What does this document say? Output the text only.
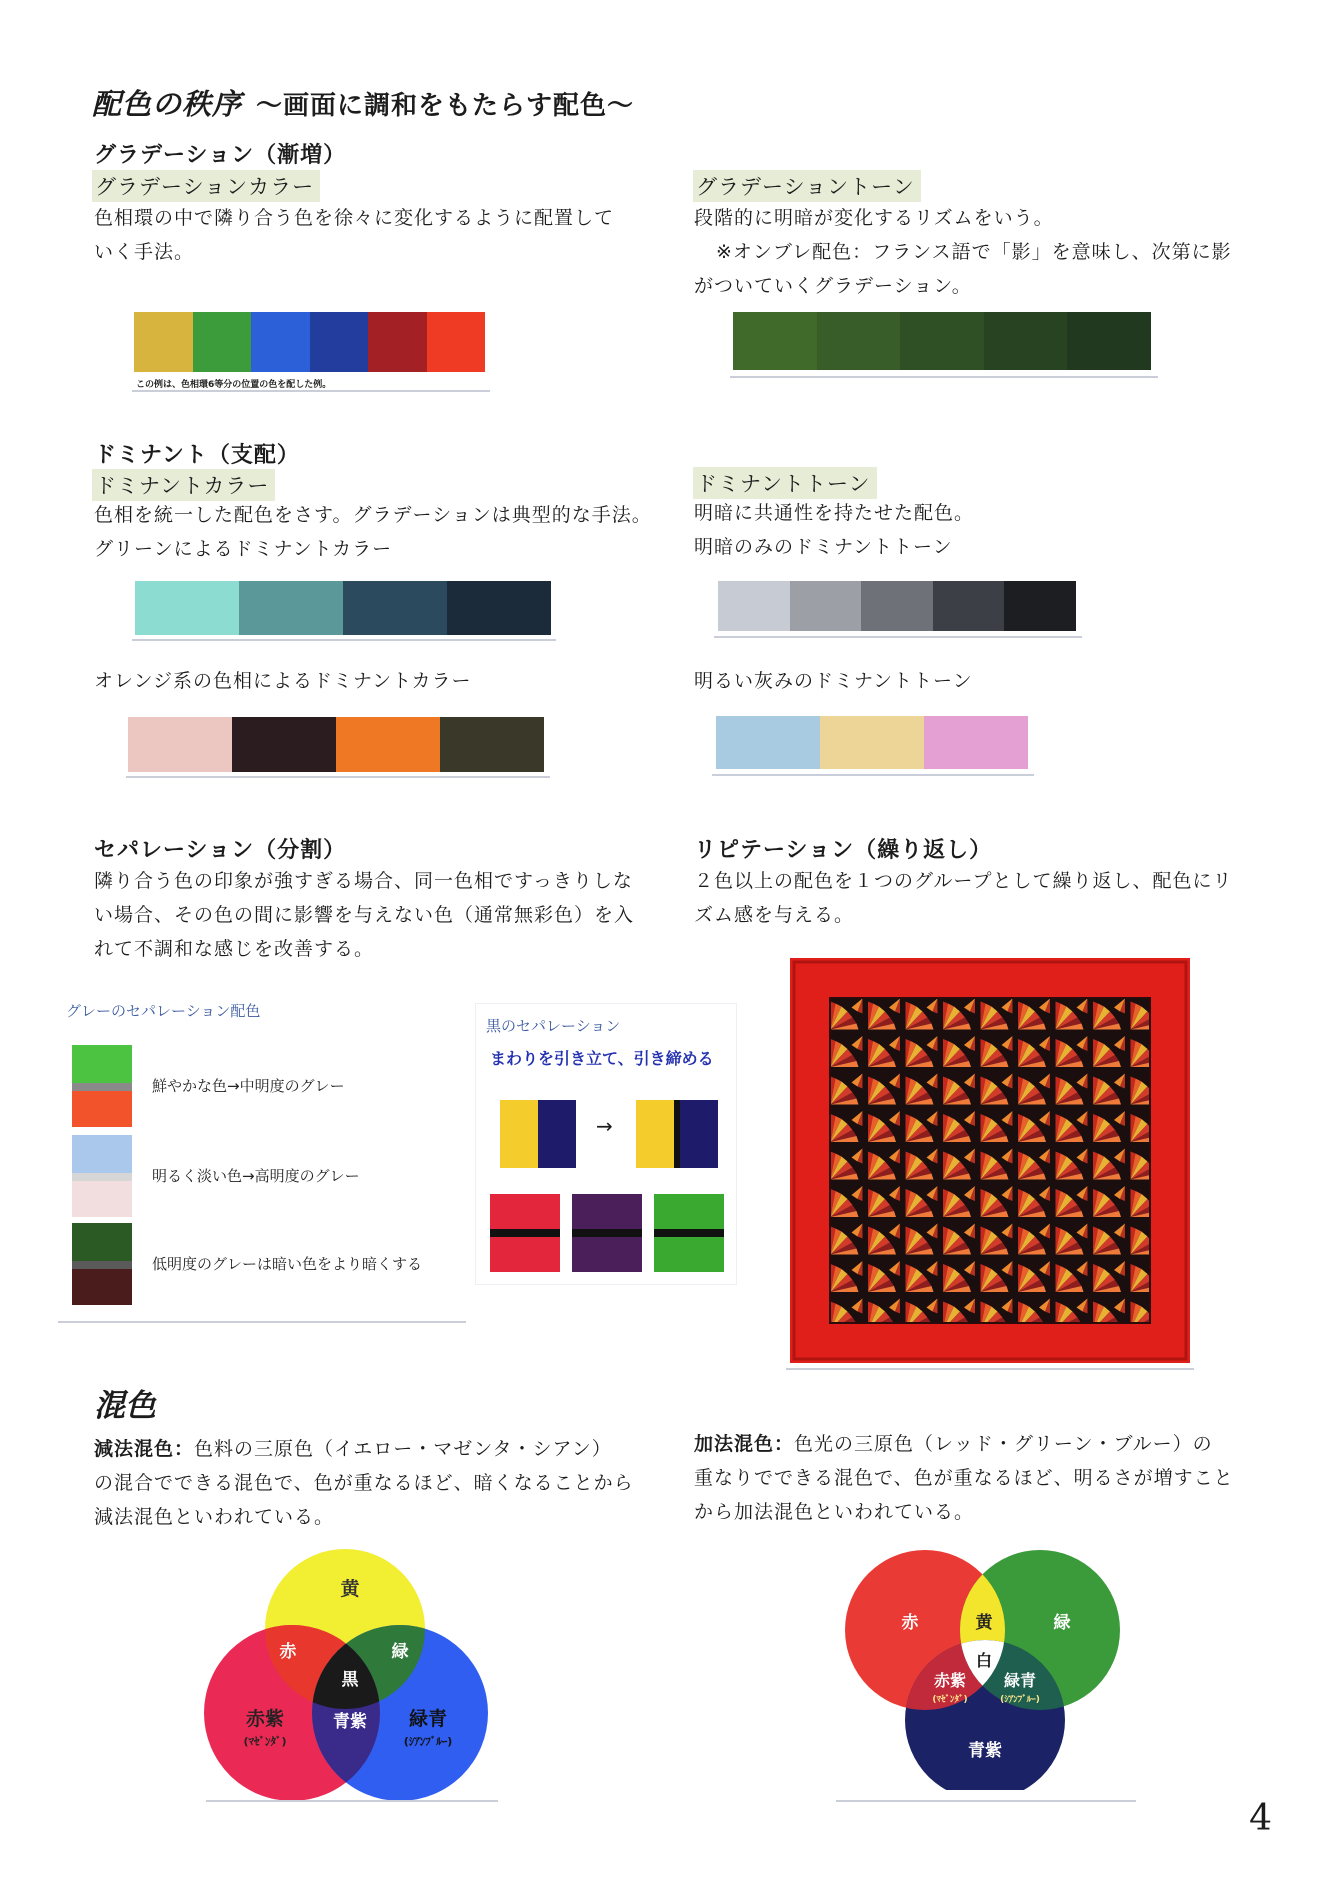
配色の秩序 〜画面に調和をもたらす配色〜
グラデーション（漸増）
グラデーションカラー
色相環の中で隣り合う色を徐々に変化するように配置して
いく手法。
この例は、色相環6等分の位置の色を配した例。
グラデーショントーン
段階的に明暗が変化するリズムをいう。
※オンブレ配色：フランス語で「影」を意味し、次第に影
がついていくグラデーション。
ドミナント（支配）
ドミナントカラー
色相を統一した配色をさす。グラデーションは典型的な手法。
グリーンによるドミナントカラー
オレンジ系の色相によるドミナントカラー
ドミナントトーン
明暗に共通性を持たせた配色。
明暗のみのドミナントトーン
明るい灰みのドミナントトーン
セパレーション（分割）
隣り合う色の印象が強すぎる場合、同一色相ですっきりしな
い場合、その色の間に影響を与えない色（通常無彩色）を入
れて不調和な感じを改善する。
グレーのセパレーション配色
鮮やかな色→中明度のグレー
明るく淡い色→高明度のグレー
低明度のグレーは暗い色をより暗くする
黒のセパレーション
まわりを引き立て、引き締める
→
リピテーション（繰り返し）
２色以上の配色を１つのグループとして繰り返し、配色にリ
ズム感を与える。
混色
減法混色：色料の三原色（イエロー・マゼンタ・シアン）
の混合でできる混色で、色が重なるほど、暗くなることから
減法混色といわれている。
加法混色：色光の三原色（レッド・グリーン・ブルー）の
重なりでできる混色で、色が重なるほど、明るさが増すこと
から加法混色といわれている。
黄
赤	緑
黒
赤紫
(ﾏｾﾞﾝﾀﾞ)
青紫 緑青
(ｼｱﾝﾌﾞﾙｰ)
赤	緑
黄
白
赤紫
(ﾏｾﾞﾝﾀﾞ)
緑青
(ｼｱﾝﾌﾞﾙｰ)
青紫
4
